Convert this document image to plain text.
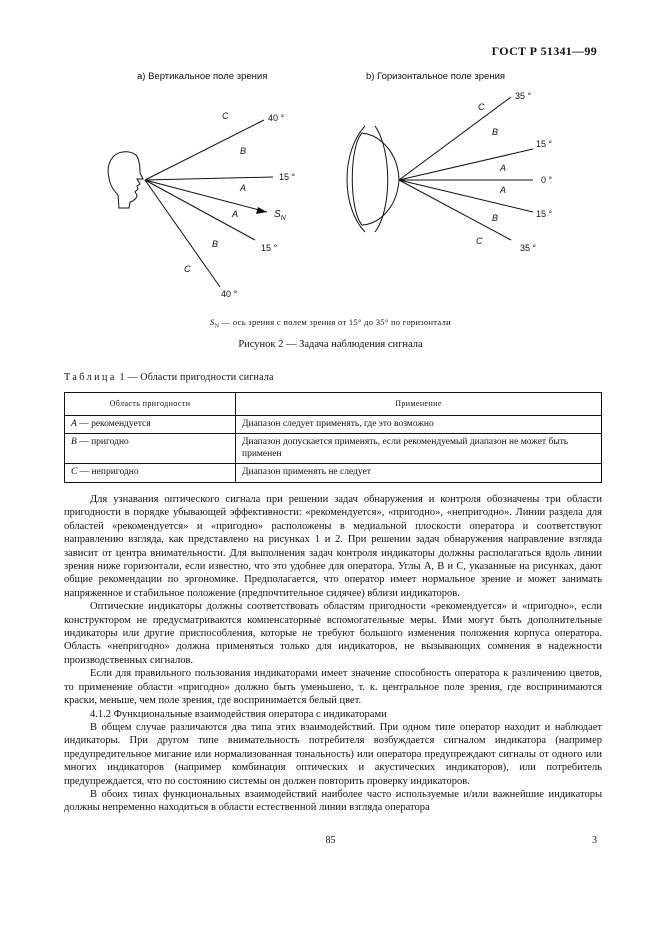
ГОСТ Р 51341—99
а) Вертикальное поле зрения	b) Горизонтальное поле зрения
40 °
15 °
15 °
40 °
C
B
A
A
B
C
$S_N$
35 °
15 °
0 °
15 °
35 °
C
B
A
A
B
C
$S_N$ — ось зрения с полем зрения от 15° до 35° по горизонтали
Рисунок 2 — Задача наблюдения сигнала
Таблица 1 — Области пригодности сигнала
Область пригодности	Применение
A — рекомендуется	Диапазон следует применять, где это возможно
B — пригодно	Диапазон допускается применять, если рекомендуемый диапазон не может быть применен
C — непригодно	Диапазон применять не следует

Для узнавания оптического сигнала при решении задач обнаружения и контроля обозначены три области пригодности в порядке убывающей эффективности: «рекомендуется», «пригодно», «непригодно». Линии раздела для областей «рекомендуется» и «пригодно» расположены в медиальной плоскости оператора и соответствуют направлению взгляда, как представлено на рисунках 1 и 2. При решении задач обнаружения направление взгляда зависит от центра внимательности. Для выполнения задач контроля индикаторы должны располагаться вдоль линии зрения ниже горизонтали, если известно, что это удобнее для оператора. Углы A, B и C, указанные на рисунках, дают общие рекомендации по эргономике. Предполагается, что оператор имеет нормальное зрение и может занимать напряженное и стабильное положение (предпочтительное сидячее) вблизи индикаторов.

Оптические индикаторы должны соответствовать областям пригодности «рекомендуется» и «пригодно», если конструктором не предусматриваются компенсаторные вспомогательные меры. Ими могут быть дополнительные индикаторы или другие приспособления, которые не требуют большого изменения положения корпуса оператора. Область «непригодно» должна применяться только для индикаторов, не вызывающих сомнения в надежности производственных сигналов.

Если для правильного пользования индикаторами имеет значение способность оператора к различению цветов, то применение области «пригодно» должно быть уменьшено, т. к. центральное поле зрения, где воспринимаются краски, меньше, чем поле зрения, где воспринимается белый цвет.

4.1.2 Функциональные взаимодействия оператора с индикаторами

В общем случае различаются два типа этих взаимодействий. При одном типе оператор находит и наблюдает индикаторы. При другом типе внимательность потребителя возбуждается сигналом индикатора (например предупредительное мигание или нормализованная тональность) или оператора предупреждают сигналы от одного или многих индикаторов (например комбинация оптических и акустических индикаторов), или потребитель предупреждается, что по состоянию системы он должен повторить проверку индикаторов.

В обоих типах функциональных взаимодействий наиболее часто используемые и/или важнейшие индикаторы должны непременно находиться в области естественной линии взгляда оператора

85	3
